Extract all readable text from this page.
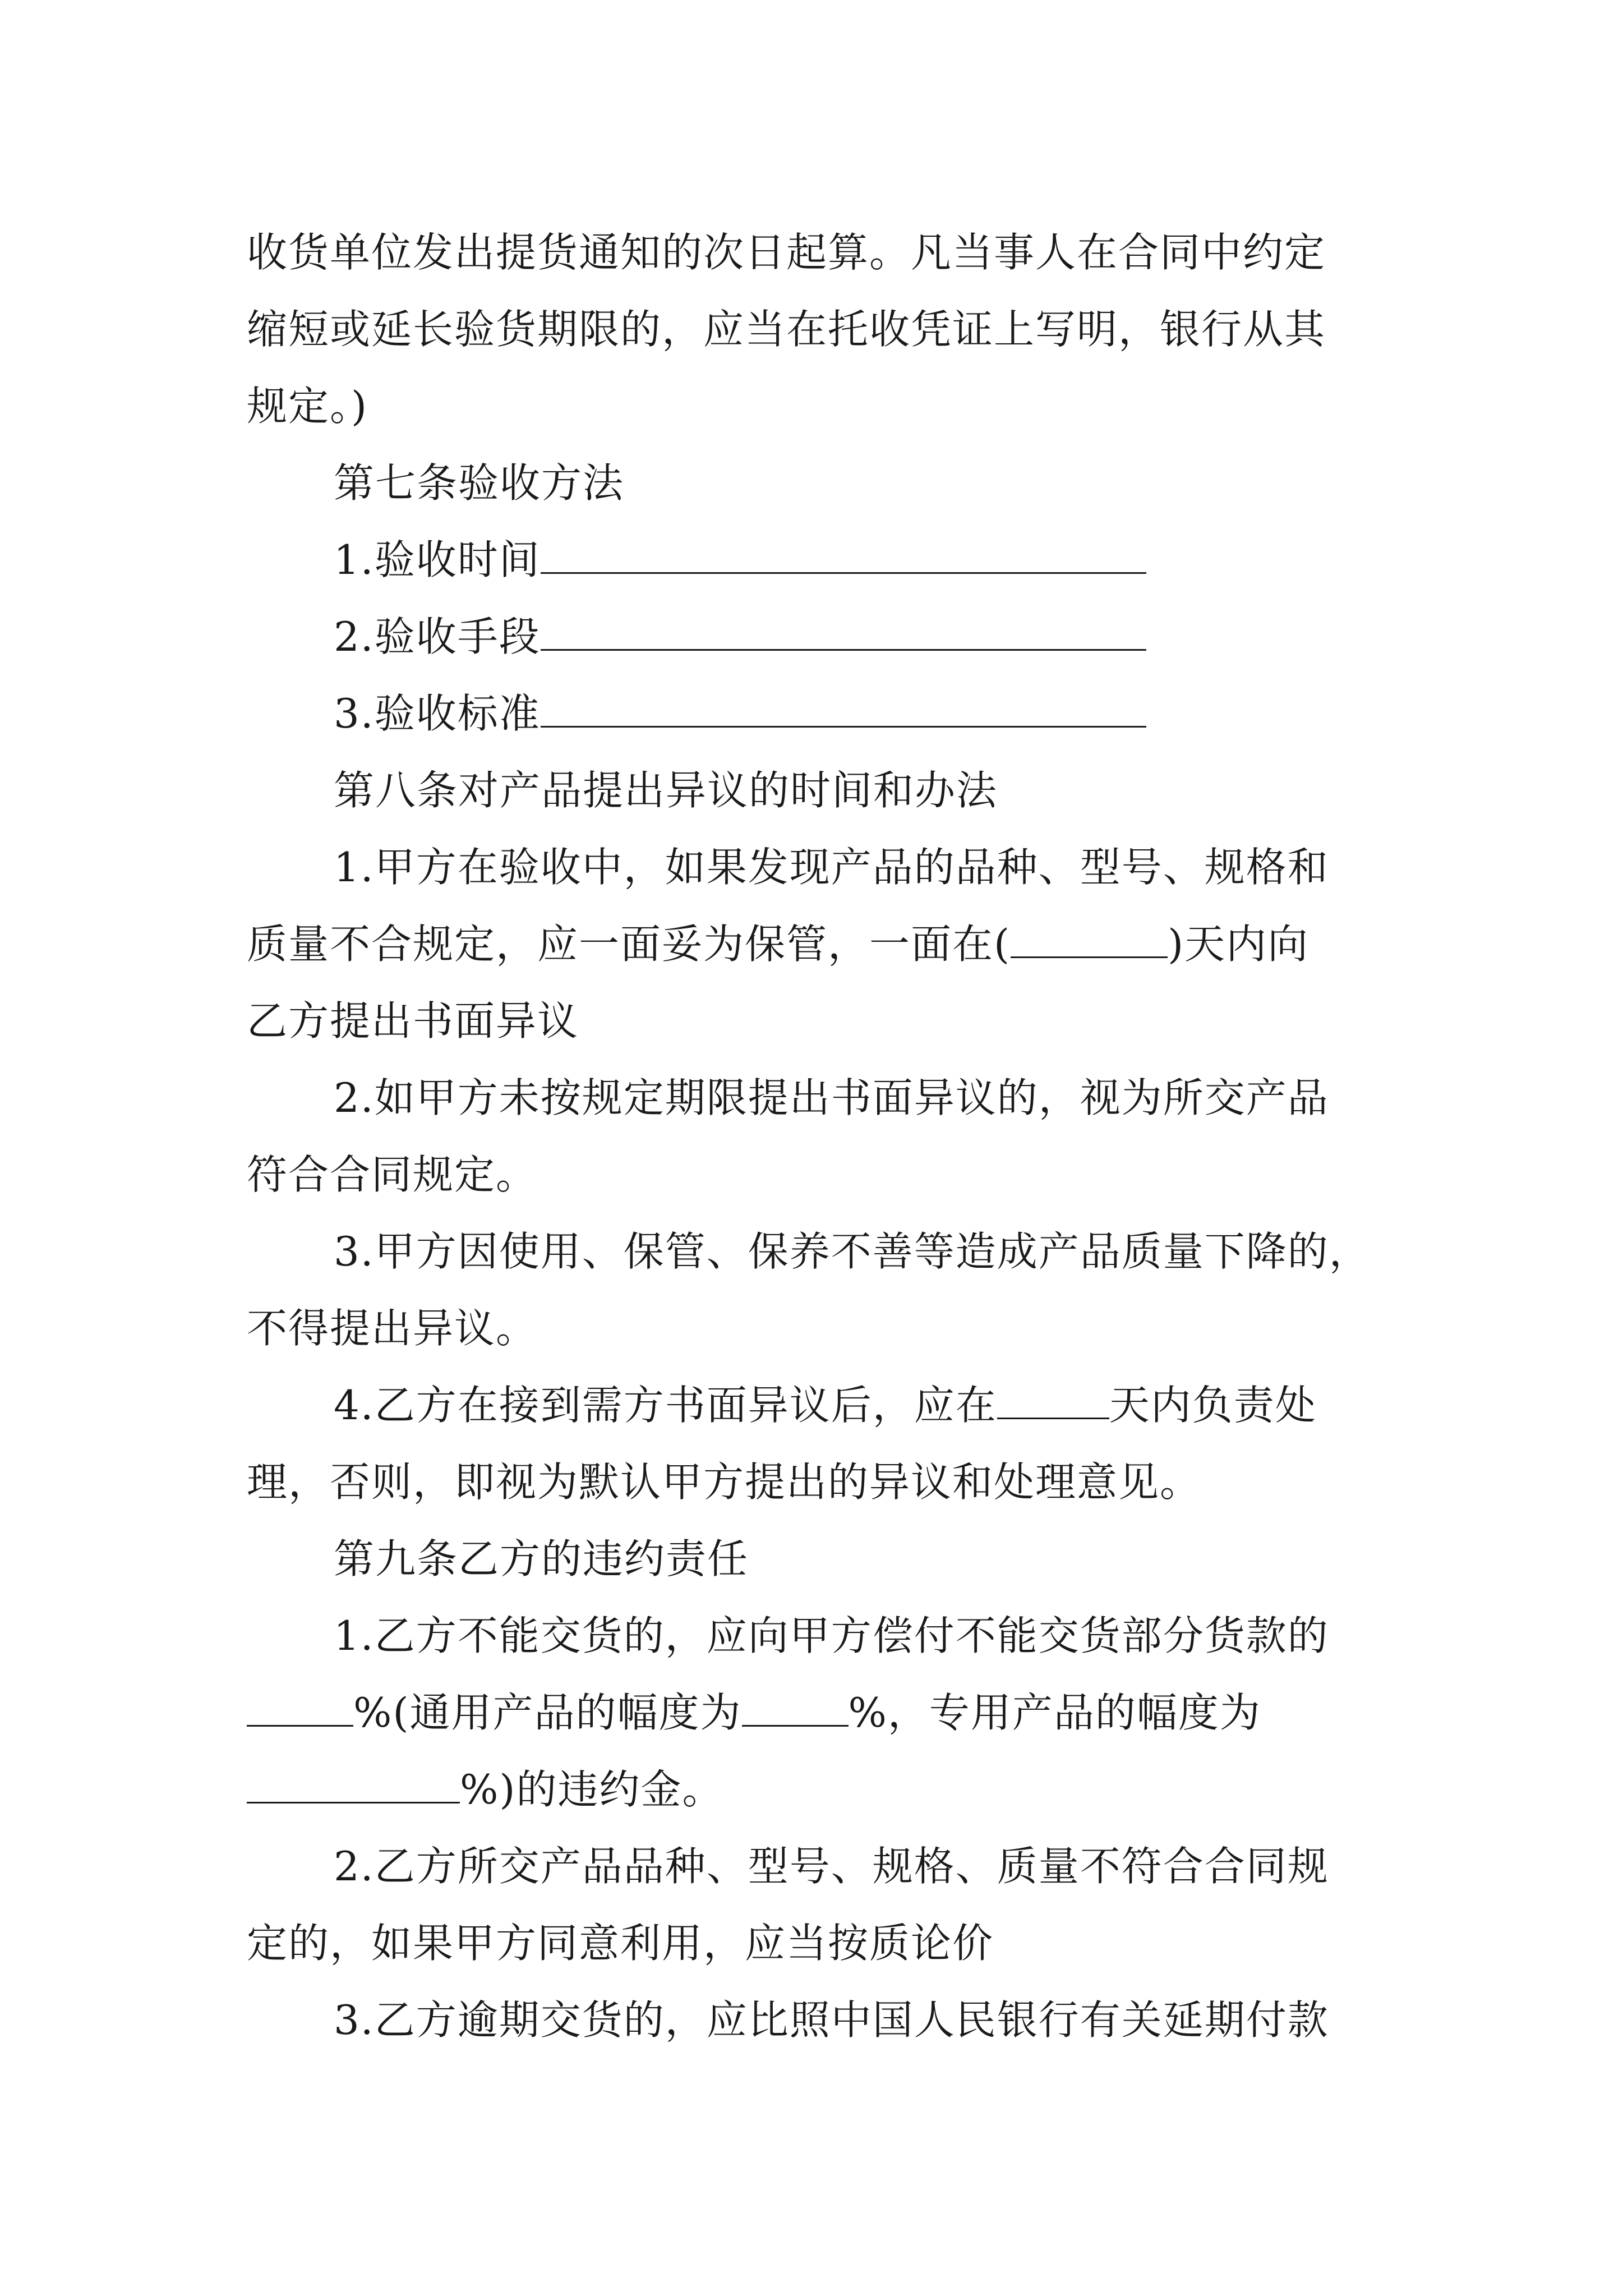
收货单位发出提货通知的次日起算。凡当事人在合同中约定
缩短或延长验货期限的，应当在托收凭证上写明，银行从其
规定。)
第七条验收方法
1.验收时间
2.验收手段
3.验收标准
第八条对产品提出异议的时间和办法
1.甲方在验收中，如果发现产品的品种、型号、规格和
质量不合规定，应一面妥为保管，一面在(	)天内向
乙方提出书面异议
2.如甲方未按规定期限提出书面异议的，视为所交产品
符合合同规定。
3.甲方因使用、保管、保养不善等造成产品质量下降的，
不得提出异议。
4.乙方在接到需方书面异议后，应在	天内负责处
理，否则，即视为默认甲方提出的异议和处理意见。
第九条乙方的违约责任
1.乙方不能交货的，应向甲方偿付不能交货部分货款的
%(通用产品的幅度为	%，专用产品的幅度为
%)的违约金。
2.乙方所交产品品种、型号、规格、质量不符合合同规
定的，如果甲方同意利用，应当按质论价
3.乙方逾期交货的，应比照中国人民银行有关延期付款
